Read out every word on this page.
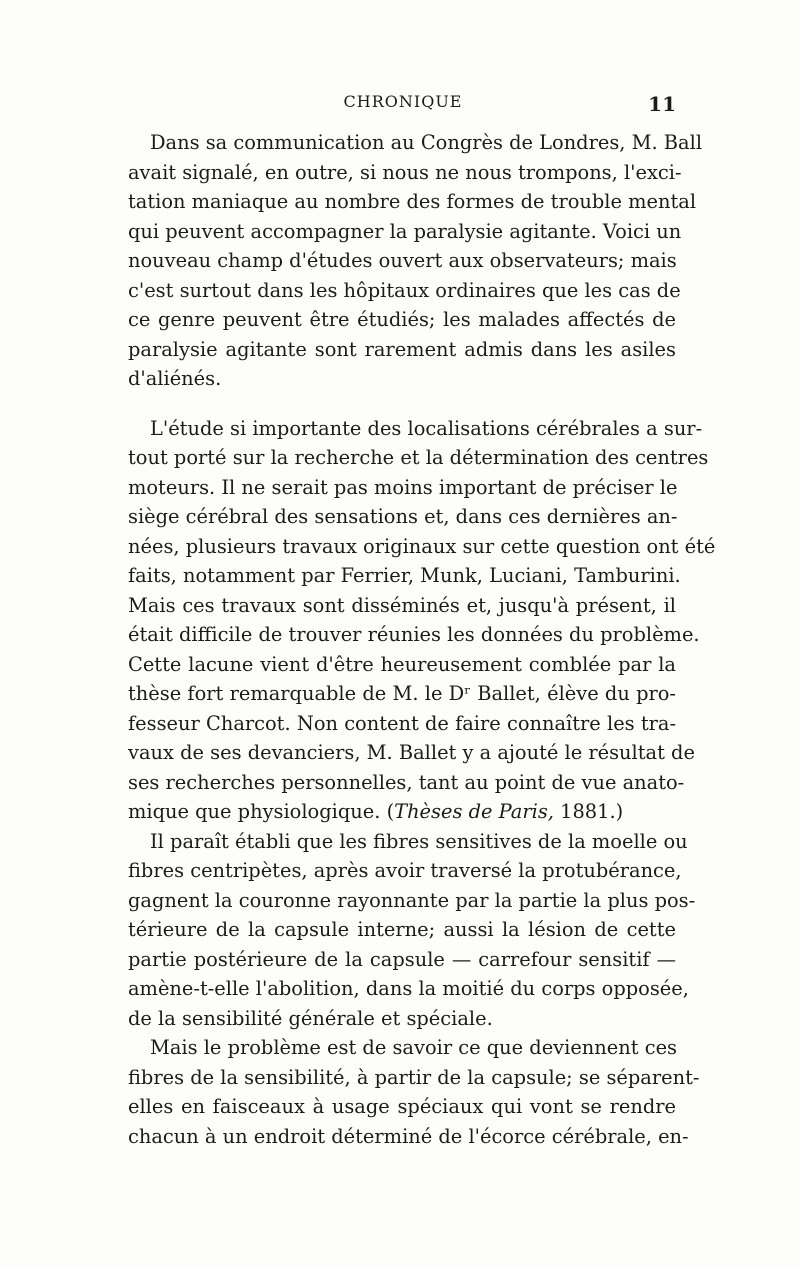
CHRONIQUE	11
Dans sa communication au Congrès de Londres, M. Ball
avait signalé, en outre, si nous ne nous trompons, l'exci-
tation maniaque au nombre des formes de trouble mental
qui peuvent accompagner la paralysie agitante. Voici un
nouveau champ d'études ouvert aux observateurs; mais
c'est surtout dans les hôpitaux ordinaires que les cas de
ce genre peuvent être étudiés; les malades affectés de
paralysie agitante sont rarement admis dans les asiles
d'aliénés.
L'étude si importante des localisations cérébrales a sur-
tout porté sur la recherche et la détermination des centres
moteurs. Il ne serait pas moins important de préciser le
siège cérébral des sensations et, dans ces dernières an-
nées, plusieurs travaux originaux sur cette question ont été
faits, notamment par Ferrier, Munk, Luciani, Tamburini.
Mais ces travaux sont disséminés et, jusqu'à présent, il
était difficile de trouver réunies les données du problème.
Cette lacune vient d'être heureusement comblée par la
thèse fort remarquable de M. le Dʳ Ballet, élève du pro-
fesseur Charcot. Non content de faire connaître les tra-
vaux de ses devanciers, M. Ballet y a ajouté le résultat de
ses recherches personnelles, tant au point de vue anato-
mique que physiologique. (Thèses de Paris, 1881.)
Il paraît établi que les fibres sensitives de la moelle ou
fibres centripètes, après avoir traversé la protubérance,
gagnent la couronne rayonnante par la partie la plus pos-
térieure de la capsule interne; aussi la lésion de cette
partie postérieure de la capsule — carrefour sensitif —
amène-t-elle l'abolition, dans la moitié du corps opposée,
de la sensibilité générale et spéciale.
Mais le problème est de savoir ce que deviennent ces
fibres de la sensibilité, à partir de la capsule; se séparent-
elles en faisceaux à usage spéciaux qui vont se rendre
chacun à un endroit déterminé de l'écorce cérébrale, en-
